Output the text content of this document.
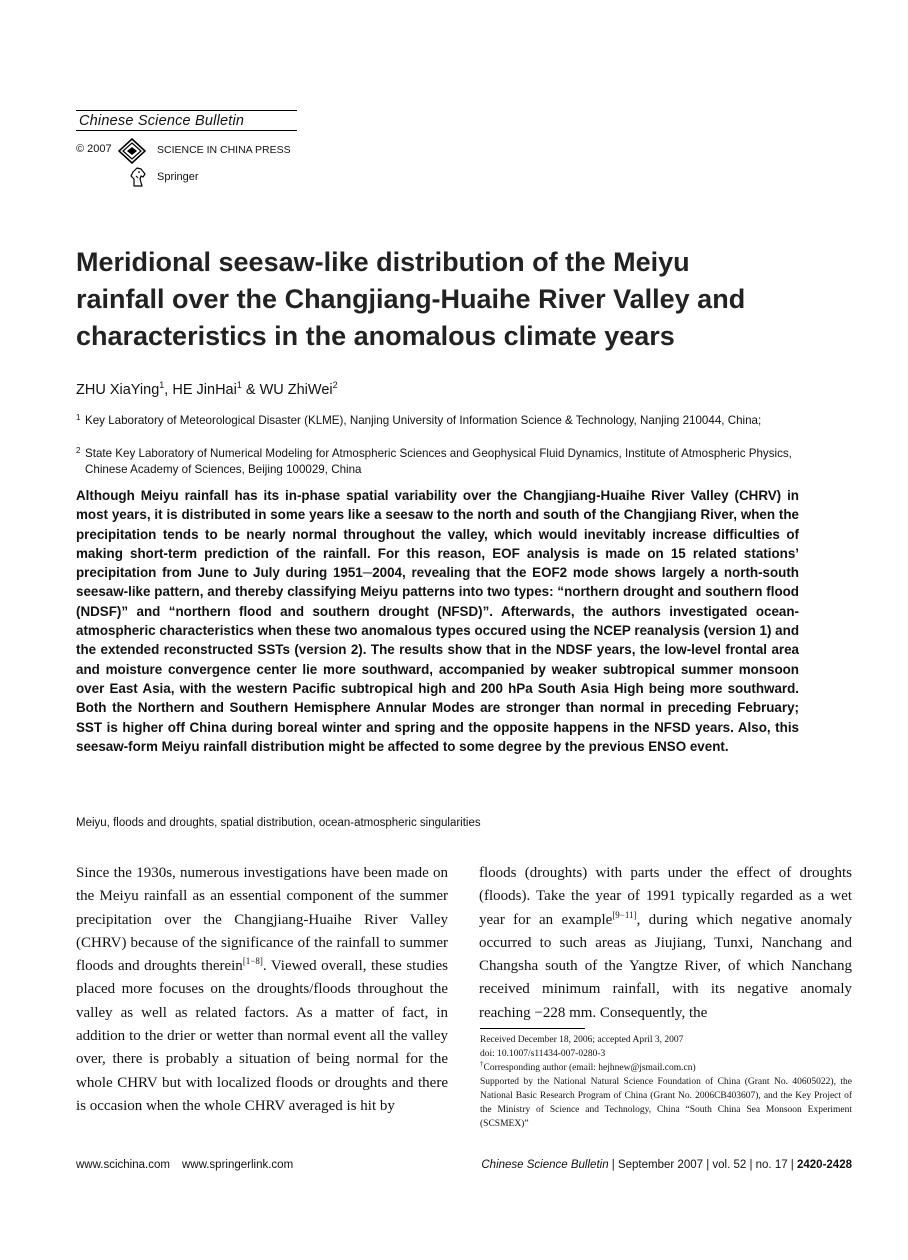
Chinese Science Bulletin
© 2007	SCIENCE IN CHINA PRESS
Springer
Meridional seesaw-like distribution of the Meiyu
rainfall over the Changjiang-Huaihe River Valley and
characteristics in the anomalous climate years
ZHU XiaYing$^1$, HE JinHai$^1$ & WU ZhiWei$^2$
1 Key Laboratory of Meteorological Disaster (KLME), Nanjing University of Information Science & Technology, Nanjing 210044, China;
2 State Key Laboratory of Numerical Modeling for Atmospheric Sciences and Geophysical Fluid Dynamics, Institute of Atmospheric Physics, Chinese Academy of Sciences, Beijing 100029, China
Although Meiyu rainfall has its in-phase spatial variability over the Changjiang-Huaihe River Valley (CHRV) in most years, it is distributed in some years like a seesaw to the north and south of the Changjiang River, when the precipitation tends to be nearly normal throughout the valley, which would inevitably increase difficulties of making short-term prediction of the rainfall. For this reason, EOF analysis is made on 15 related stations’ precipitation from June to July during 1951─2004, revealing that the EOF2 mode shows largely a north-south seesaw-like pattern, and thereby classifying Meiyu patterns into two types: “northern drought and southern flood (NDSF)” and “northern flood and southern drought (NFSD)”. Afterwards, the authors investigated ocean-atmospheric characteristics when these two anomalous types occured using the NCEP reanalysis (version 1) and the extended reconstructed SSTs (version 2). The results show that in the NDSF years, the low-level frontal area and moisture convergence center lie more southward, accompanied by weaker subtropical summer monsoon over East Asia, with the western Pacific subtropical high and 200 hPa South Asia High being more southward. Both the Northern and Southern Hemisphere Annular Modes are stronger than normal in preceding February; SST is higher off China during boreal winter and spring and the opposite happens in the NFSD years. Also, this seesaw-form Meiyu rainfall distribution might be affected to some degree by the previous ENSO event.
Meiyu, floods and droughts, spatial distribution, ocean-atmospheric singularities
Since the 1930s, numerous investigations have been made on the Meiyu rainfall as an essential component of the summer precipitation over the Changjiang-Huaihe River Valley (CHRV) because of the significance of the rainfall to summer floods and droughts therein[1−8]. Viewed overall, these studies placed more focuses on the droughts/floods throughout the valley as well as related factors. As a matter of fact, in addition to the drier or wetter than normal event all the valley over, there is probably a situation of being normal for the whole CHRV but with localized floods or droughts and there is occasion when the whole CHRV averaged is hit by
floods (droughts) with parts under the effect of droughts (floods). Take the year of 1991 typically regarded as a wet year for an example[9−11], during which negative anomaly occurred to such areas as Jiujiang, Tunxi, Nanchang and Changsha south of the Yangtze River, of which Nanchang received minimum rainfall, with its negative anomaly reaching −228 mm. Consequently, the
Received December 18, 2006; accepted April 3, 2007
doi: 10.1007/s11434-007-0280-3
†Corresponding author (email: hejhnew@jsmail.com.cn)
Supported by the National Natural Science Foundation of China (Grant No. 40605022), the National Basic Research Program of China (Grant No. 2006CB403607), and the Key Project of the Ministry of Science and Technology, China “South China Sea Monsoon Experiment (SCSMEX)”
www.scichina.com www.springerlink.com	Chinese Science Bulletin | September 2007 | vol. 52 | no. 17 | 2420-2428
